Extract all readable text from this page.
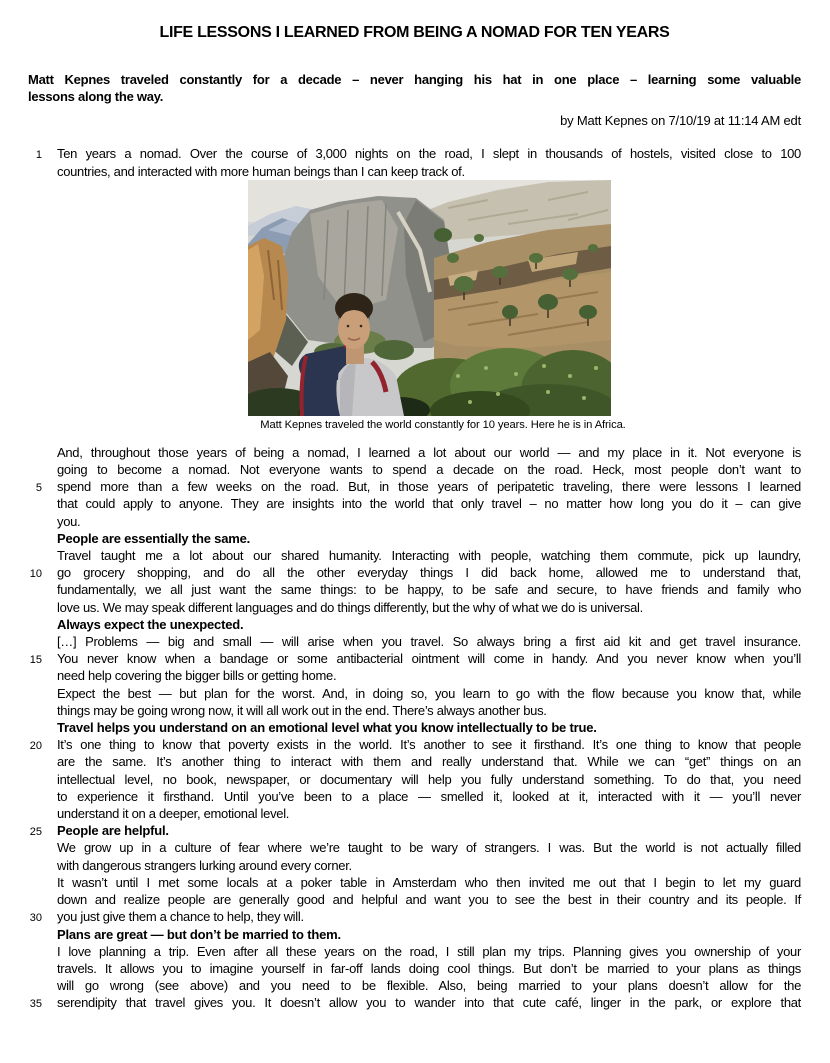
LIFE LESSONS I LEARNED FROM BEING A NOMAD FOR TEN YEARS

Matt Kepnes traveled constantly for a decade – never hanging his hat in one place – learning some valuable
lessons along the way.

by Matt Kepnes on 7/10/19 at 11:14 AM edt
1 Ten years a nomad. Over the course of 3,000 nights on the road, I slept in thousands of hostels, visited close to 100
countries, and interacted with more human beings than I can keep track of.
Matt Kepnes traveled the world constantly for 10 years. Here he is in Africa.
And, throughout those years of being a nomad, I learned a lot about our world — and my place in it. Not everyone is
going to become a nomad. Not everyone wants to spend a decade on the road. Heck, most people don’t want to
5 spend more than a few weeks on the road. But, in those years of peripatetic traveling, there were lessons I learned
that could apply to anyone. They are insights into the world that only travel – no matter how long you do it – can give
you.
People are essentially the same.
Travel taught me a lot about our shared humanity. Interacting with people, watching them commute, pick up laundry,
10 go grocery shopping, and do all the other everyday things I did back home, allowed me to understand that,
fundamentally, we all just want the same things: to be happy, to be safe and secure, to have friends and family who
love us. We may speak different languages and do things differently, but the why of what we do is universal.
Always expect the unexpected.
[…] Problems — big and small — will arise when you travel. So always bring a first aid kit and get travel insurance.
15 You never know when a bandage or some antibacterial ointment will come in handy. And you never know when you’ll
need help covering the bigger bills or getting home.
Expect the best — but plan for the worst. And, in doing so, you learn to go with the flow because you know that, while
things may be going wrong now, it will all work out in the end. There’s always another bus.
Travel helps you understand on an emotional level what you know intellectually to be true.
20 It’s one thing to know that poverty exists in the world. It’s another to see it firsthand. It’s one thing to know that people
are the same. It’s another thing to interact with them and really understand that. While we can “get” things on an
intellectual level, no book, newspaper, or documentary will help you fully understand something. To do that, you need
to experience it firsthand. Until you’ve been to a place — smelled it, looked at it, interacted with it — you’ll never
understand it on a deeper, emotional level.
25 People are helpful.
We grow up in a culture of fear where we’re taught to be wary of strangers. I was. But the world is not actually filled
with dangerous strangers lurking around every corner.
It wasn’t until I met some locals at a poker table in Amsterdam who then invited me out that I begin to let my guard
down and realize people are generally good and helpful and want you to see the best in their country and its people. If
30 you just give them a chance to help, they will.
Plans are great — but don’t be married to them.
I love planning a trip. Even after all these years on the road, I still plan my trips. Planning gives you ownership of your
travels. It allows you to imagine yourself in far-off lands doing cool things. But don’t be married to your plans as things
will go wrong (see above) and you need to be flexible. Also, being married to your plans doesn’t allow for the
35 serendipity that travel gives you. It doesn’t allow you to wander into that cute café, linger in the park, or explore that
